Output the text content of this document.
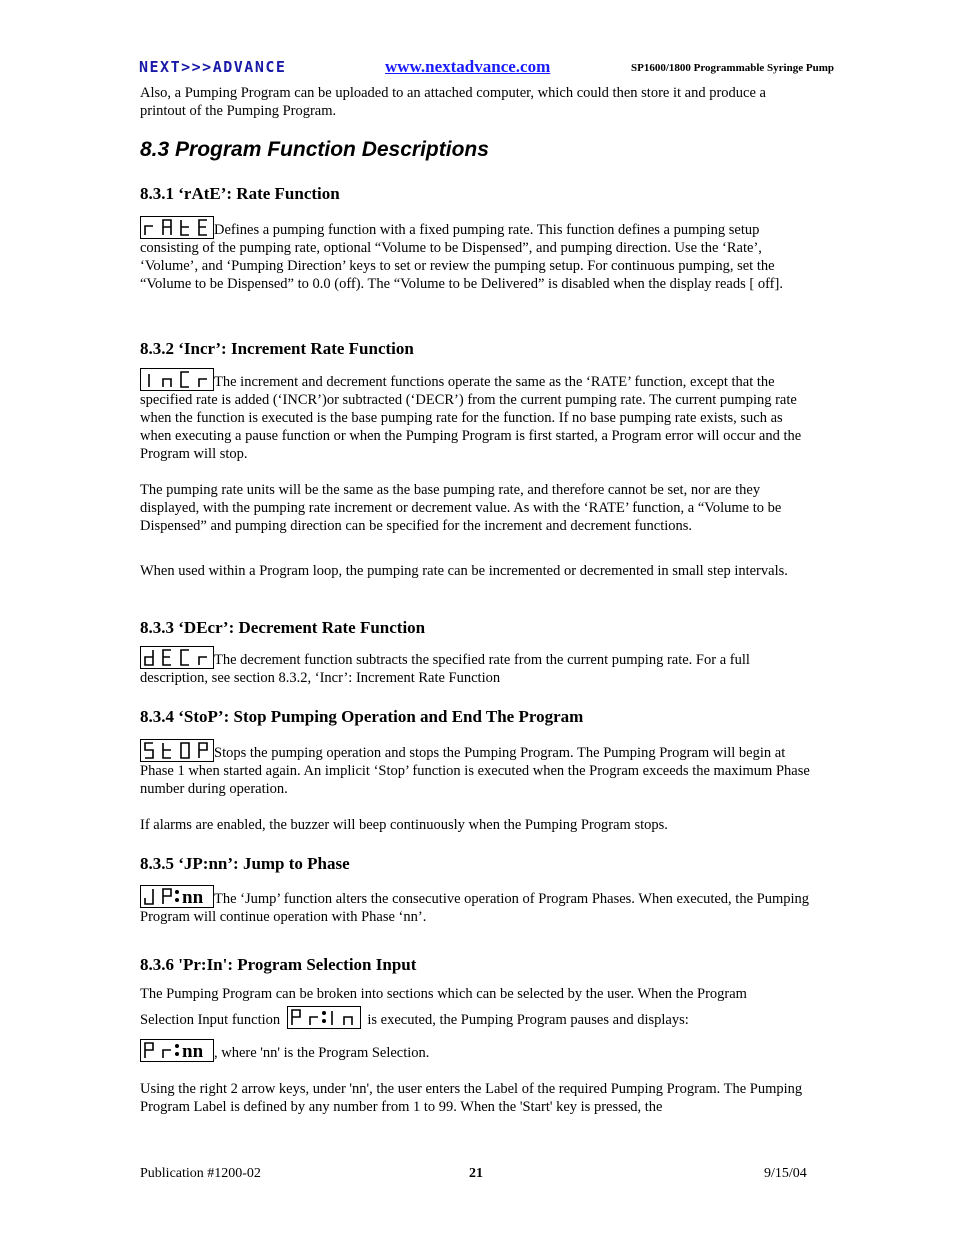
NEXT>>>ADVANCE	www.nextadvance.com	SP1600/1800 Programmable Syringe Pump

Also, a Pumping Program can be uploaded to an attached computer, which could then store it and produce a printout of the Pumping Program.

8.3 Program Function Descriptions
8.3.1 ‘rAtE’: Rate Function

Defines a pumping function with a fixed pumping rate. This function defines a pumping setup consisting of the pumping rate, optional “Volume to be Dispensed”, and pumping direction. Use the ‘Rate’, ‘Volume’, and ‘Pumping Direction’ keys to set or review the pumping setup. For continuous pumping, set the “Volume to be Dispensed” to 0.0 (off). The “Volume to be Delivered” is disabled when the display reads [ off].

8.3.2 ‘Incr’: Increment Rate Function

The increment and decrement functions operate the same as the ‘RATE’ function, except that the specified rate is added (‘INCR’)or subtracted (‘DECR’) from the current pumping rate. The current pumping rate when the function is executed is the base pumping rate for the function. If no base pumping rate exists, such as when executing a pause function or when the Pumping Program is first started, a Program error will occur and the Program will stop.

The pumping rate units will be the same as the base pumping rate, and therefore cannot be set, nor are they displayed, with the pumping rate increment or decrement value. As with the ‘RATE’ function, a “Volume to be Dispensed” and pumping direction can be specified for the increment and decrement functions.

When used within a Program loop, the pumping rate can be incremented or decremented in small step intervals.

8.3.3 ‘DEcr’: Decrement Rate Function

The decrement function subtracts the specified rate from the current pumping rate. For a full description, see section 8.3.2, ‘Incr’: Increment Rate Function

8.3.4 ‘StoP’: Stop Pumping Operation and End The Program

Stops the pumping operation and stops the Pumping Program. The Pumping Program will begin at Phase 1 when started again. An implicit ‘Stop’ function is executed when the Program exceeds the maximum Phase number during operation.

If alarms are enabled, the buzzer will beep continuously when the Pumping Program stops.

8.3.5 ‘JP:nn’: Jump to Phase

nn The ‘Jump’ function alters the consecutive operation of Program Phases. When executed, the Pumping Program will continue operation with Phase ‘nn’.

8.3.6 'Pr:In': Program Selection Input

The Pumping Program can be broken into sections which can be selected by the user. When the Program

Selection Input function	is executed, the Pumping Program pauses and displays:

nn , where 'nn' is the Program Selection.

Using the right 2 arrow keys, under 'nn', the user enters the Label of the required Pumping Program. The Pumping Program Label is defined by any number from 1 to 99. When the 'Start' key is pressed, the

Publication #1200-02	21	9/15/04
